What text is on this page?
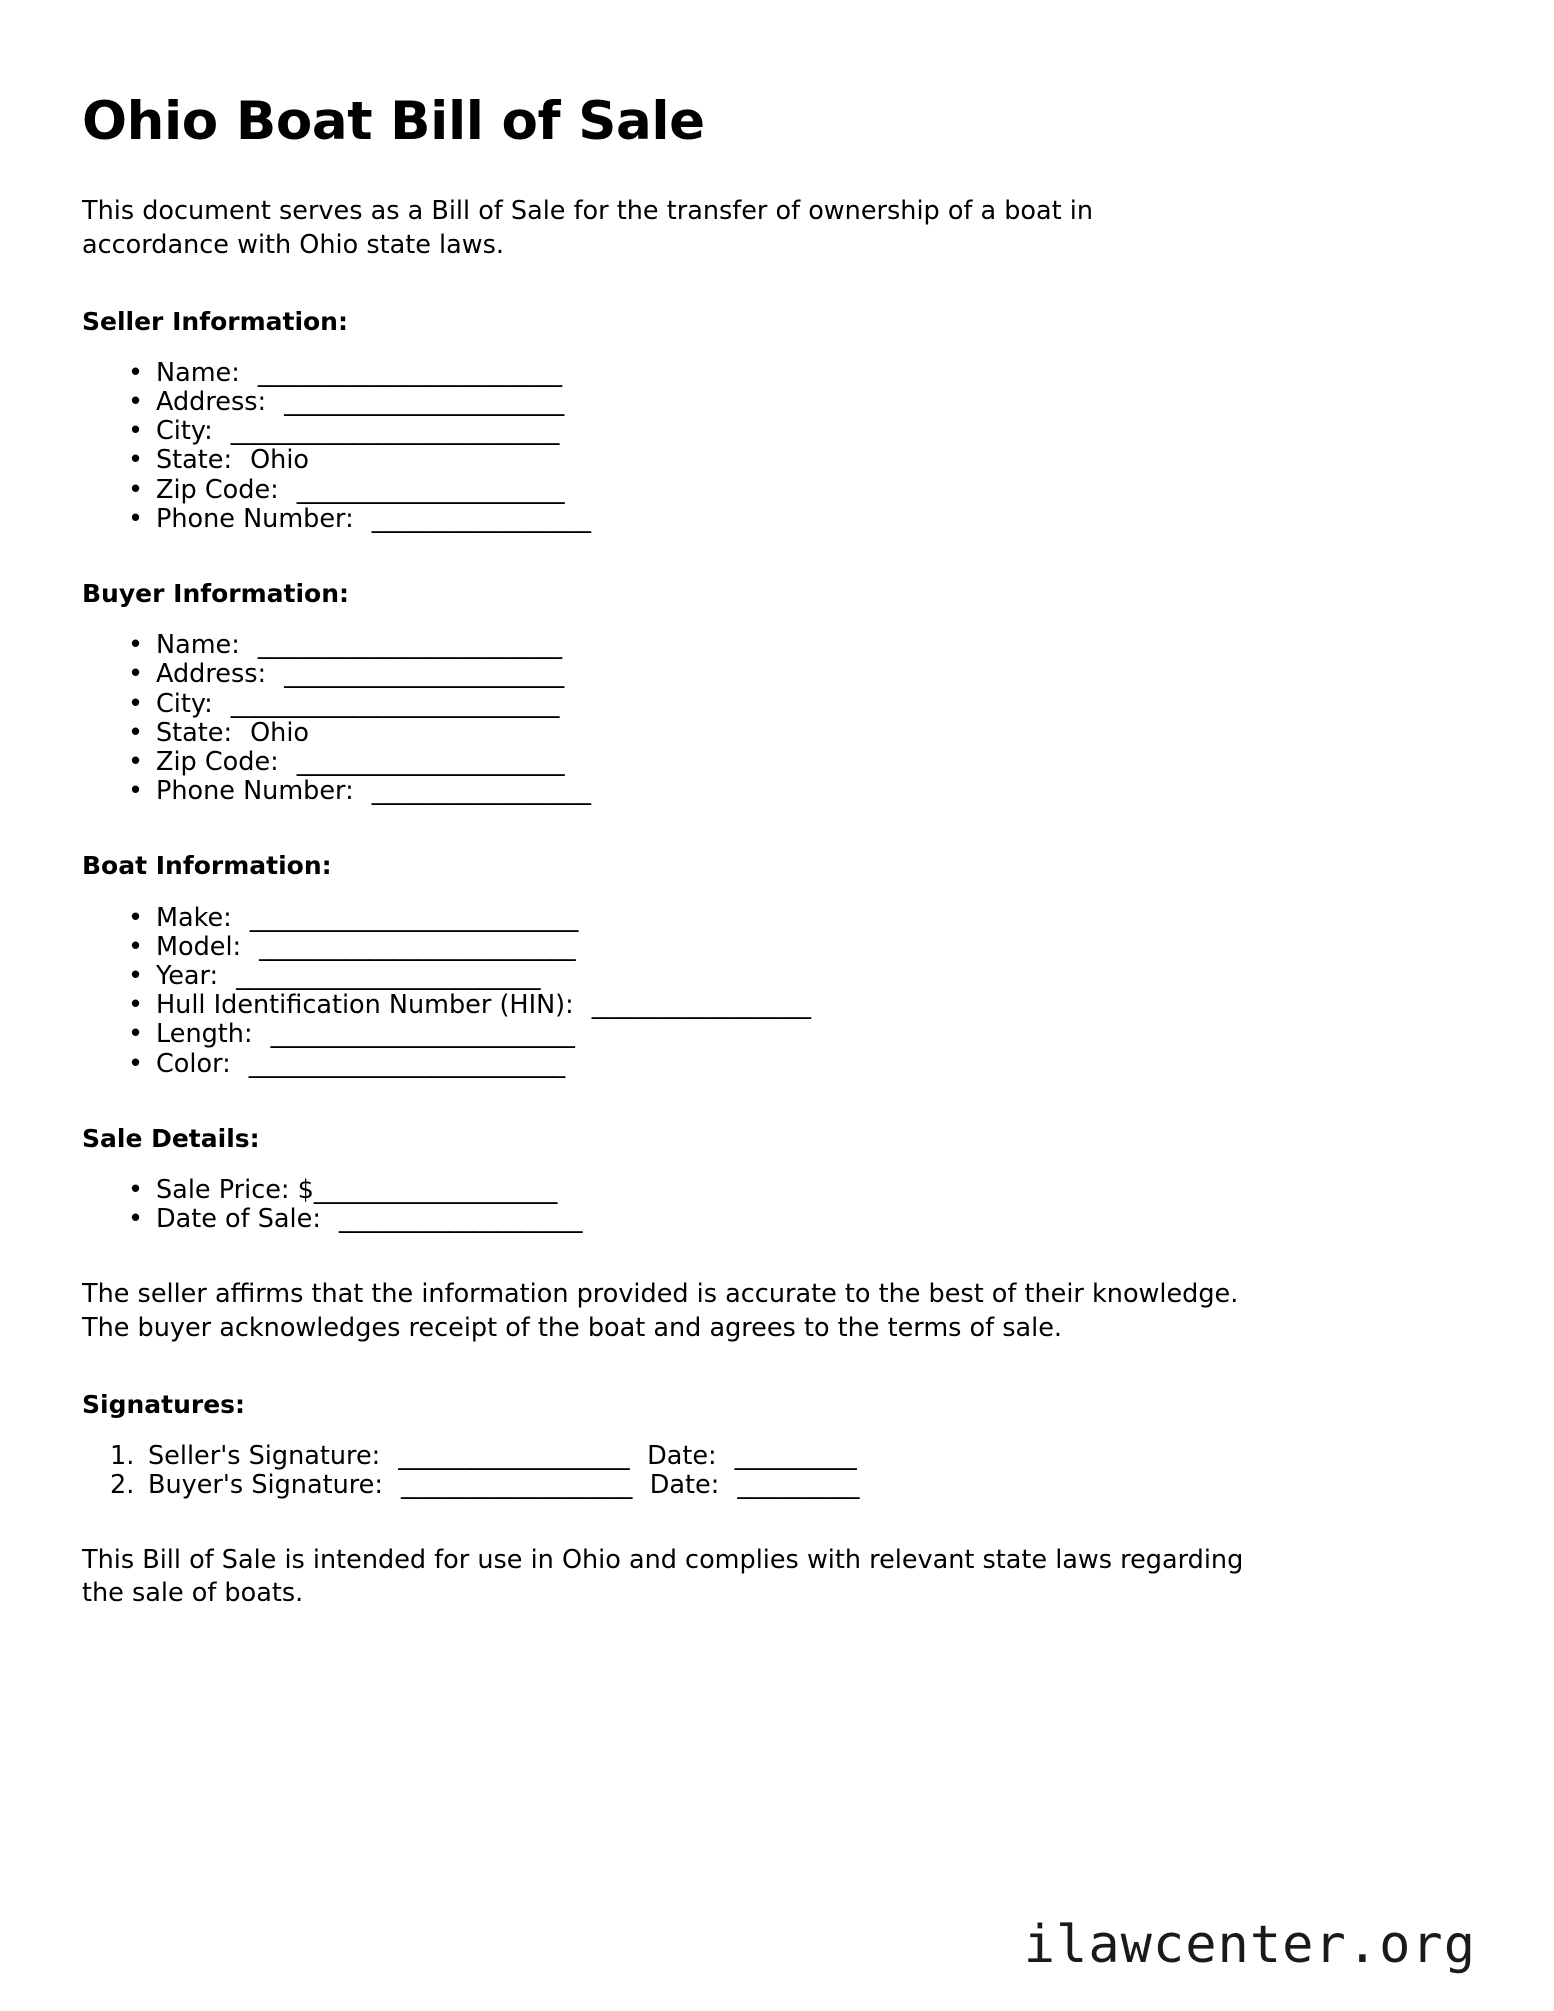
Ohio Boat Bill of Sale

This document serves as a Bill of Sale for the transfer of ownership of a boat in accordance with Ohio state laws.

Seller Information:
• Name: _________________________
• Address: _______________________
• City: ___________________________
• State: Ohio
• Zip Code: ______________________
• Phone Number: __________________
Buyer Information:
• Name: _________________________
• Address: _______________________
• City: ___________________________
• State: Ohio
• Zip Code: ______________________
• Phone Number: __________________
Boat Information:
• Make: ___________________________
• Model: __________________________
• Year: _________________________
• Hull Identification Number (HIN): __________________
• Length: _________________________
• Color: __________________________
Sale Details:
• Sale Price: $____________________
• Date of Sale: ____________________

The seller affirms that the information provided is accurate to the best of their knowledge. The buyer acknowledges receipt of the boat and agrees to the terms of sale.

Signatures:
1. Seller's Signature: ___________________ Date: __________
2. Buyer's Signature: ___________________ Date: __________

This Bill of Sale is intended for use in Ohio and complies with relevant state laws regarding the sale of boats.

ilawcenter.org
